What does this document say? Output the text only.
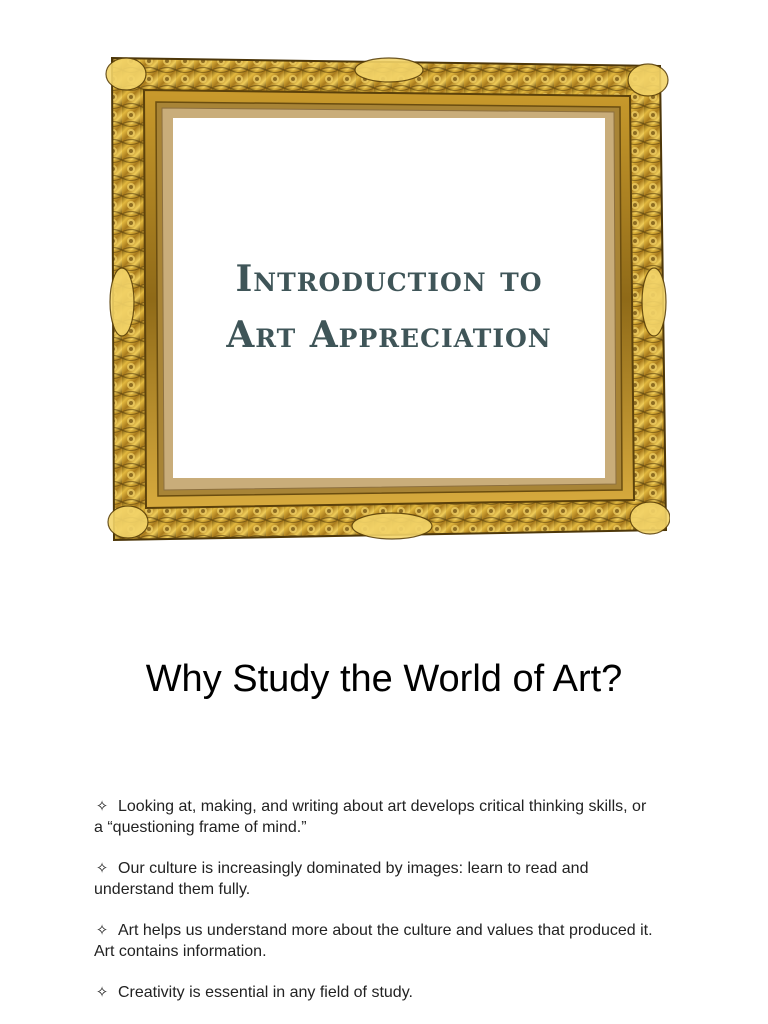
Introduction to
Art Appreciation
Why Study the World of Art?
✧ Looking at, making, and writing about art develops critical thinking skills, or a “questioning frame of mind.”
✧ Our culture is increasingly dominated by images: learn to read and understand them fully.
✧ Art helps us understand more about the culture and values that produced it. Art contains information.
✧ Creativity is essential in any field of study.
